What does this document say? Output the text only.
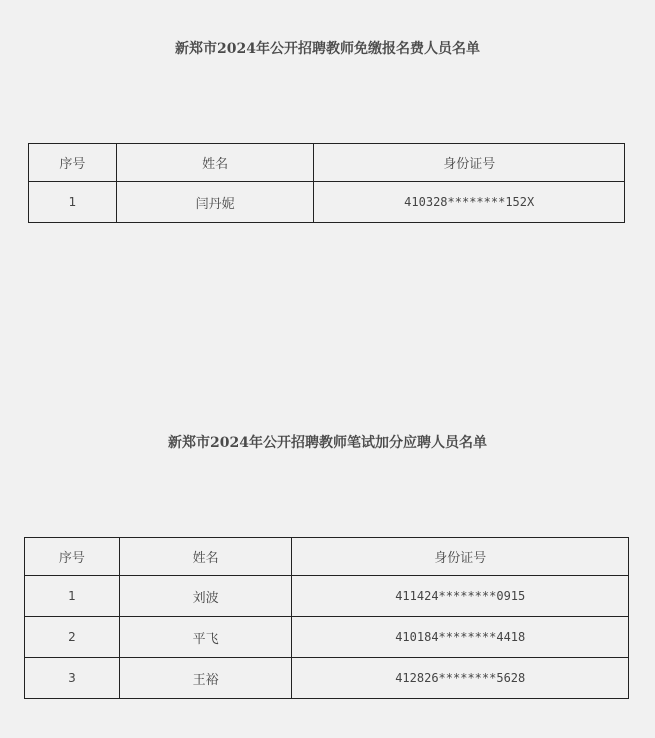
新郑市2024年公开招聘教师免缴报名费人员名单
序号	姓名	身份证号
1	闫丹妮	410328********152X
新郑市2024年公开招聘教师笔试加分应聘人员名单
序号	姓名	身份证号
1	刘波	411424********0915
2	平飞	410184********4418
3	王裕	412826********5628
